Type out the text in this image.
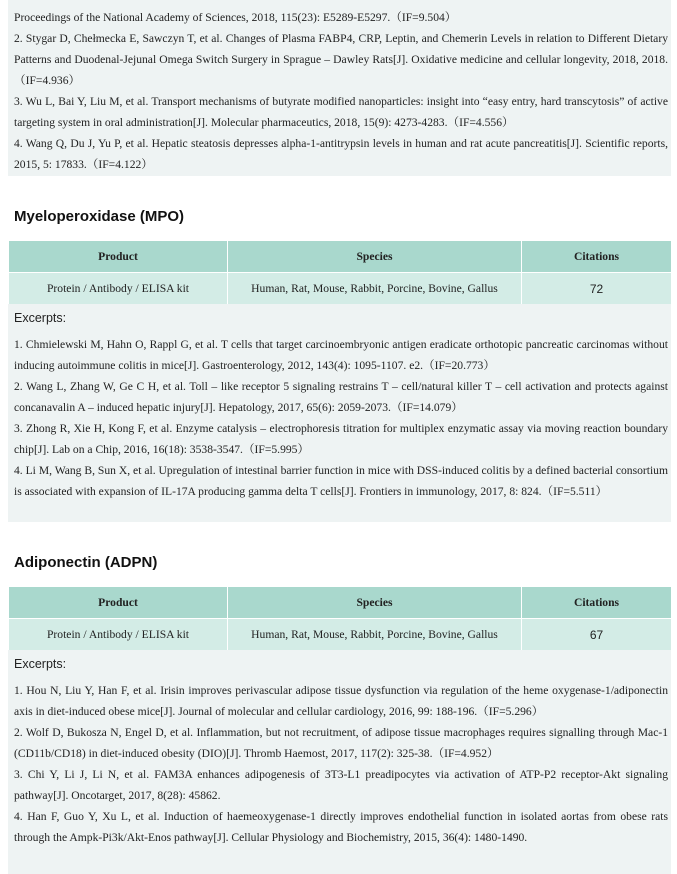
Proceedings of the National Academy of Sciences, 2018, 115(23): E5289-E5297.（IF=9.504）

2. Stygar D, Chełmecka E, Sawczyn T, et al. Changes of Plasma FABP4, CRP, Leptin, and Chemerin Levels in relation to Different Dietary Patterns and Duodenal-Jejunal Omega Switch Surgery in Sprague – Dawley Rats[J]. Oxidative medicine and cellular longevity, 2018, 2018.（IF=4.936）

3. Wu L, Bai Y, Liu M, et al. Transport mechanisms of butyrate modified nanoparticles: insight into “easy entry, hard transcytosis” of active targeting system in oral administration[J]. Molecular pharmaceutics, 2018, 15(9): 4273-4283.（IF=4.556）

4. Wang Q, Du J, Yu P, et al. Hepatic steatosis depresses alpha-1-antitrypsin levels in human and rat acute pancreatitis[J]. Scientific reports, 2015, 5: 17833.（IF=4.122）

Myeloperoxidase (MPO)
Product	Species	Citations
Protein / Antibody / ELISA kit	Human, Rat, Mouse, Rabbit, Porcine, Bovine, Gallus	72
Excerpts:

1. Chmielewski M, Hahn O, Rappl G, et al. T cells that target carcinoembryonic antigen eradicate orthotopic pancreatic carcinomas without inducing autoimmune colitis in mice[J]. Gastroenterology, 2012, 143(4): 1095-1107. e2.（IF=20.773）

2. Wang L, Zhang W, Ge C H, et al. Toll – like receptor 5 signaling restrains T – cell/natural killer T – cell activation and protects against concanavalin A – induced hepatic injury[J]. Hepatology, 2017, 65(6): 2059-2073.（IF=14.079）

3. Zhong R, Xie H, Kong F, et al. Enzyme catalysis – electrophoresis titration for multiplex enzymatic assay via moving reaction boundary chip[J]. Lab on a Chip, 2016, 16(18): 3538-3547.（IF=5.995）

4. Li M, Wang B, Sun X, et al. Upregulation of intestinal barrier function in mice with DSS-induced colitis by a defined bacterial consortium is associated with expansion of IL-17A producing gamma delta T cells[J]. Frontiers in immunology, 2017, 8: 824.（IF=5.511）

Adiponectin (ADPN)
Product	Species	Citations
Protein / Antibody / ELISA kit	Human, Rat, Mouse, Rabbit, Porcine, Bovine, Gallus	67
Excerpts:

1. Hou N, Liu Y, Han F, et al. Irisin improves perivascular adipose tissue dysfunction via regulation of the heme oxygenase-1/adiponectin axis in diet-induced obese mice[J]. Journal of molecular and cellular cardiology, 2016, 99: 188-196.（IF=5.296）

2. Wolf D, Bukosza N, Engel D, et al. Inflammation, but not recruitment, of adipose tissue macrophages requires signalling through Mac-1 (CD11b/CD18) in diet-induced obesity (DIO)[J]. Thromb Haemost, 2017, 117(2): 325-38.（IF=4.952）

3. Chi Y, Li J, Li N, et al. FAM3A enhances adipogenesis of 3T3-L1 preadipocytes via activation of ATP-P2 receptor-Akt signaling pathway[J]. Oncotarget, 2017, 8(28): 45862.

4. Han F, Guo Y, Xu L, et al. Induction of haemeoxygenase-1 directly improves endothelial function in isolated aortas from obese rats through the Ampk-Pi3k/Akt-Enos pathway[J]. Cellular Physiology and Biochemistry, 2015, 36(4): 1480-1490.
